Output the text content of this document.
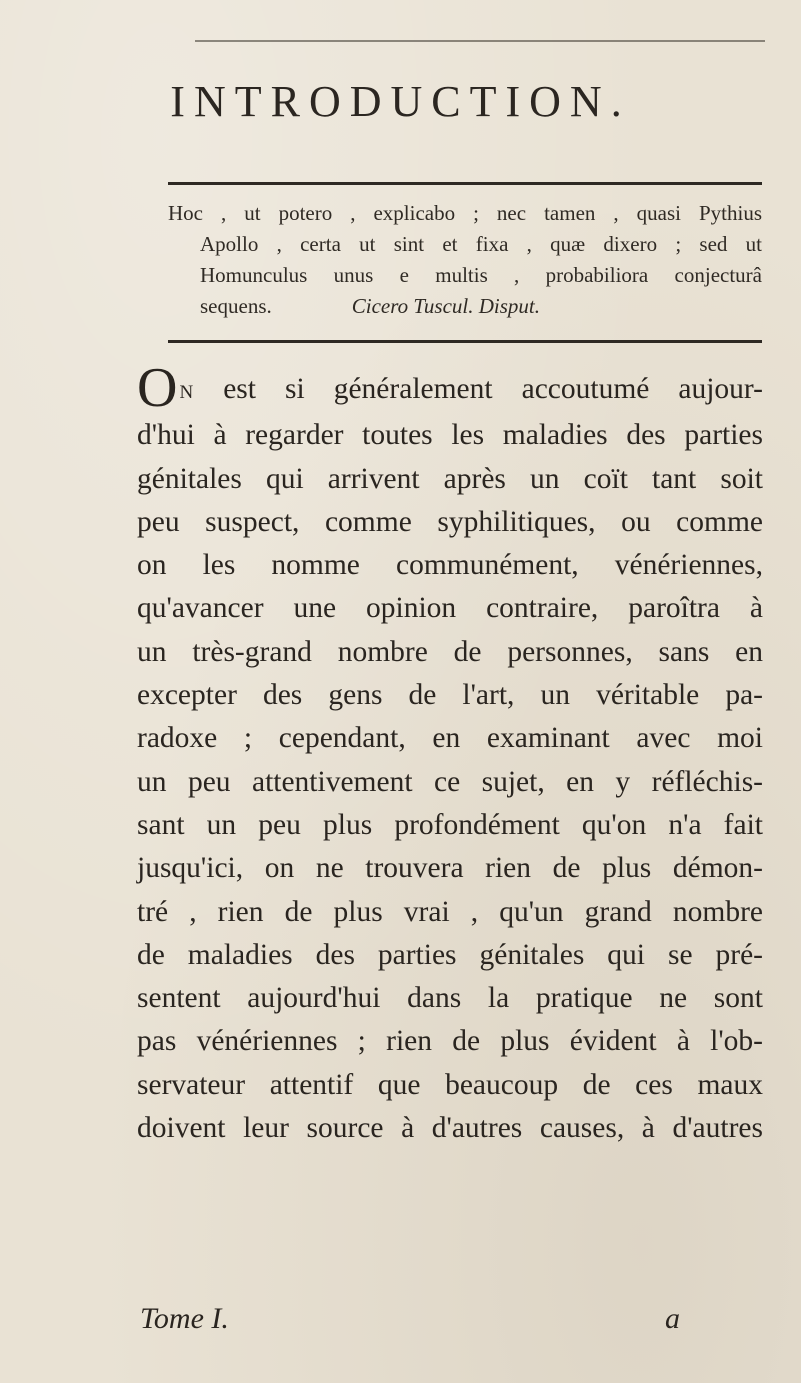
INTRODUCTION.
Hoc , ut potero , explicabo ; nec tamen , quasi Pythius
Apollo , certa ut sint et fixa , quæ dixero ; sed ut
Homunculus unus e multis , probabiliora conjecturâ
sequens.	Cicero Tuscul. Disput.
O N est si généralement accoutumé aujour-
d'hui à regarder toutes les maladies des parties
génitales qui arrivent après un coït tant soit
peu suspect, comme syphilitiques, ou comme
on les nomme communément, vénériennes,
qu'avancer une opinion contraire, paroîtra à
un très-grand nombre de personnes, sans en
excepter des gens de l'art, un véritable pa-
radoxe ; cependant, en examinant avec moi
un peu attentivement ce sujet, en y réfléchis-
sant un peu plus profondément qu'on n'a fait
jusqu'ici, on ne trouvera rien de plus démon-
tré , rien de plus vrai , qu'un grand nombre
de maladies des parties génitales qui se pré-
sentent aujourd'hui dans la pratique ne sont
pas vénériennes ; rien de plus évident à l'ob-
servateur attentif que beaucoup de ces maux
doivent leur source à d'autres causes, à d'autres
Tome I.	a
